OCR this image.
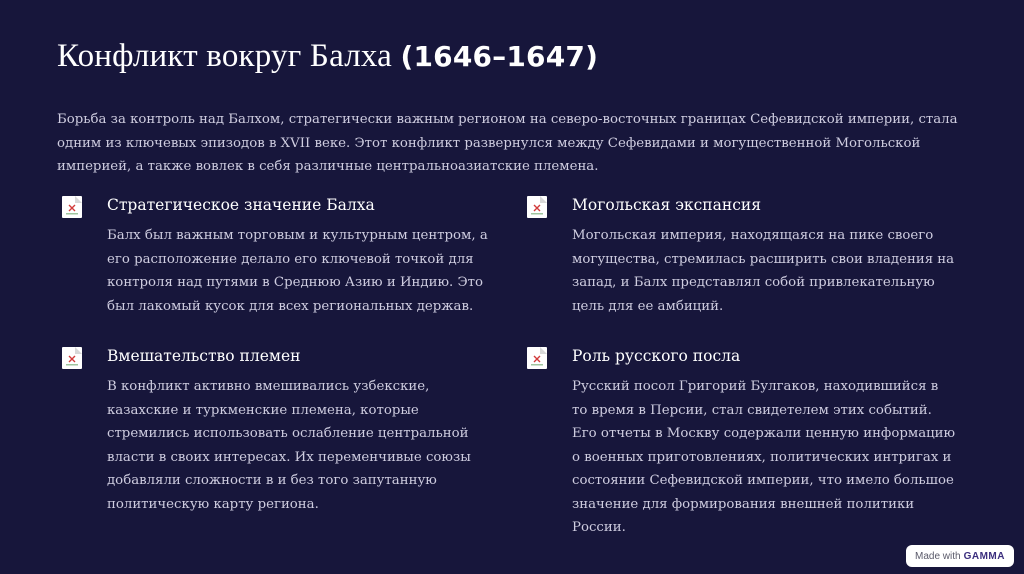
Конфликт вокруг Балха (1646–1647)

Борьба за контроль над Балхом, стратегически важным регионом на северо-восточных границах Сефевидской империи, стала одним из ключевых эпизодов в XVII веке. Этот конфликт развернулся между Сефевидами и могущественной Могольской империей, а также вовлек в себя различные центральноазиатские племена.

Стратегическое значение Балха

Балх был важным торговым и культурным центром, а его расположение делало его ключевой точкой для контроля над путями в Среднюю Азию и Индию. Это был лакомый кусок для всех региональных держав.

Могольская экспансия

Могольская империя, находящаяся на пике своего могущества, стремилась расширить свои владения на запад, и Балх представлял собой привлекательную цель для ее амбиций.

Вмешательство племен

В конфликт активно вмешивались узбекские, казахские и туркменские племена, которые стремились использовать ослабление центральной власти в своих интересах. Их переменчивые союзы добавляли сложности в и без того запутанную политическую карту региона.

Роль русского посла

Русский посол Григорий Булгаков, находившийся в то время в Персии, стал свидетелем этих событий. Его отчеты в Москву содержали ценную информацию о военных приготовлениях, политических интригах и состоянии Сефевидской империи, что имело большое значение для формирования внешней политики России.

Made with GAMMA
